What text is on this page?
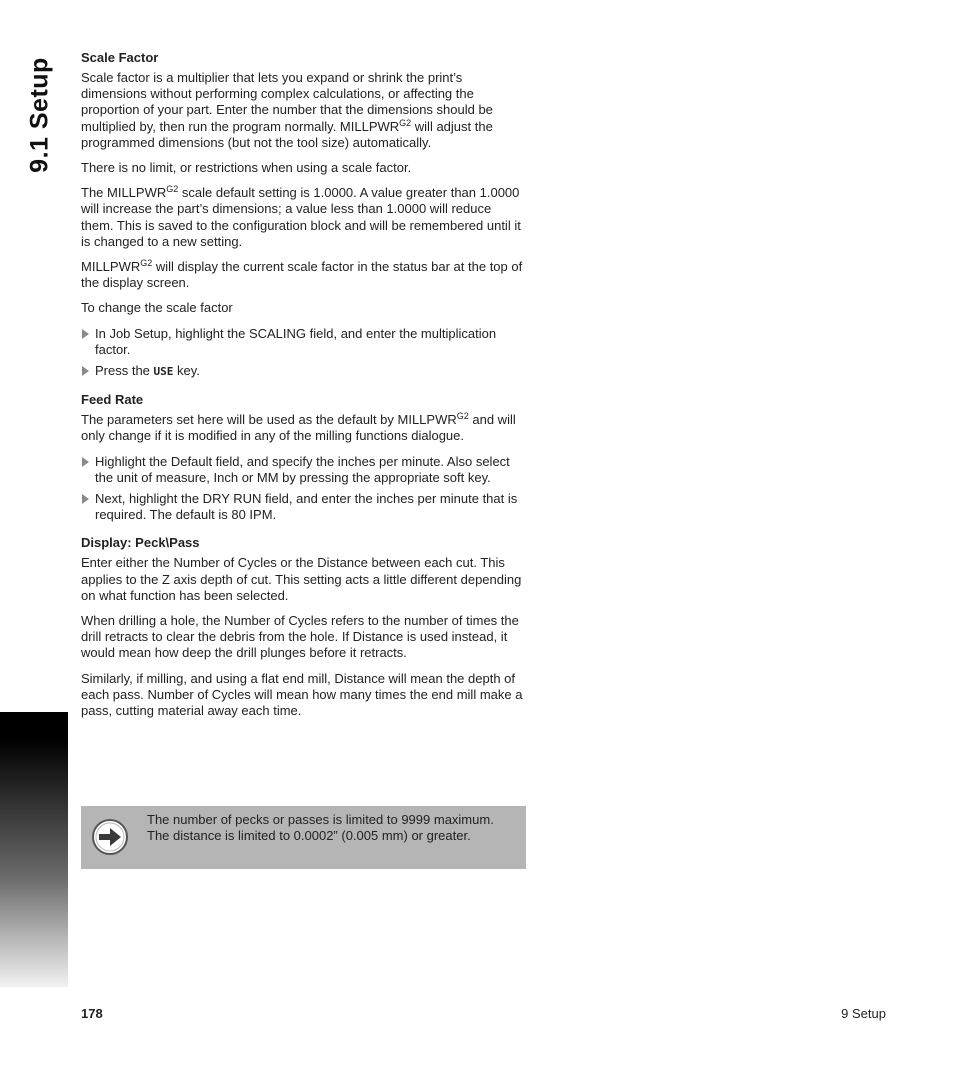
9.1 Setup Scale Factor

Scale factor is a multiplier that lets you expand or shrink the print’s dimensions without performing complex calculations, or affecting the proportion of your part. Enter the number that the dimensions should be multiplied by, then run the program normally. $MILLPWR^{G2}$ will adjust the programmed dimensions (but not the tool size) automatically.

There is no limit, or restrictions when using a scale factor.

The $MILLPWR^{G2}$ scale default setting is 1.0000. A value greater than 1.0000 will increase the part’s dimensions; a value less than 1.0000 will reduce them. This is saved to the configuration block and will be remembered until it is changed to a new setting.

$MILLPWR^{G2}$ will display the current scale factor in the status bar at the top of the display screen.

To change the scale factor

In Job Setup, highlight the SCALING field, and enter the multiplication factor.
Press the USE key.
Feed Rate

The parameters set here will be used as the default by $MILLPWR^{G2}$ and will only change if it is modified in any of the milling functions dialogue.

Highlight the Default field, and specify the inches per minute. Also select the unit of measure, Inch or MM by pressing the appropriate soft key.
Next, highlight the DRY RUN field, and enter the inches per minute that is required. The default is 80 IPM.
Display: Peck\Pass

Enter either the Number of Cycles or the Distance between each cut. This applies to the Z axis depth of cut. This setting acts a little different depending on what function has been selected.

When drilling a hole, the Number of Cycles refers to the number of times the drill retracts to clear the debris from the hole. If Distance is used instead, it would mean how deep the drill plunges before it retracts.

Similarly, if milling, and using a flat end mill, Distance will mean the depth of each pass. Number of Cycles will mean how many times the end mill make a pass, cutting material away each time.

The number of pecks or passes is limited to 9999 maximum. The distance is limited to 0.0002” (0.005 mm) or greater.
178	9 Setup
